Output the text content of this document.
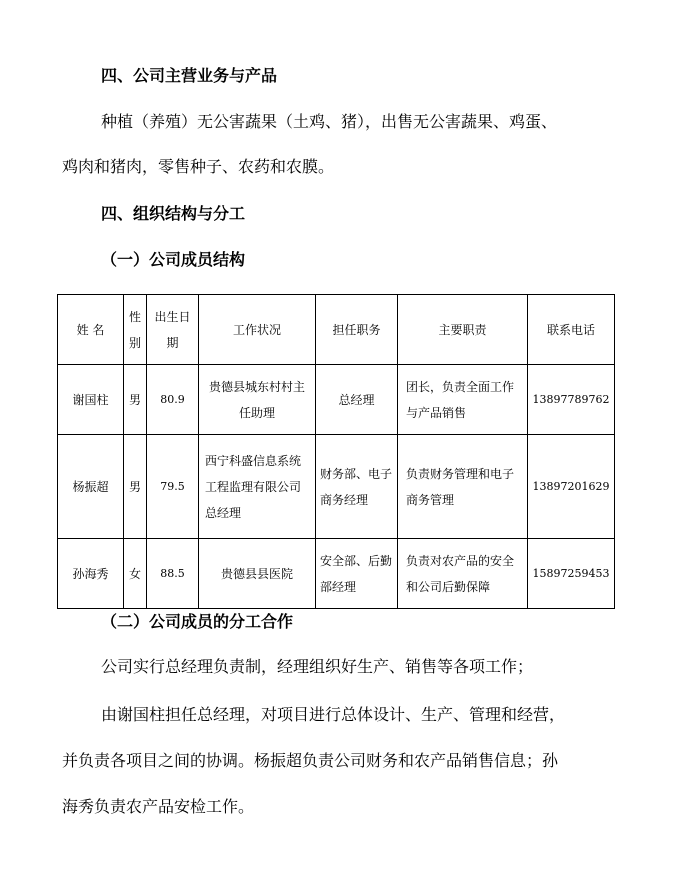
四、公司主营业务与产品
种植（养殖）无公害蔬果（土鸡、猪），出售无公害蔬果、鸡蛋、
鸡肉和猪肉，零售种子、农药和农膜。
四、组织结构与分工
（一）公司成员结构
姓 名	性别	出生日期	工作状况	担任职务	主要职责	联系电话
谢国柱	男	80.9	贵德县城东村村主任助理	总经理	团长，负责全面工作与产品销售	13897789762
杨振超	男	79.5	西宁科盛信息系统工程监理有限公司总经理	财务部、电子商务经理	负责财务管理和电子商务管理	13897201629
孙海秀	女	88.5	贵德县县医院	安全部、后勤部经理	负责对农产品的安全和公司后勤保障	15897259453
（二）公司成员的分工合作
公司实行总经理负责制，经理组织好生产、销售等各项工作；
由谢国柱担任总经理，对项目进行总体设计、生产、管理和经营，
并负责各项目之间的协调。杨振超负责公司财务和农产品销售信息；孙
海秀负责农产品安检工作。
